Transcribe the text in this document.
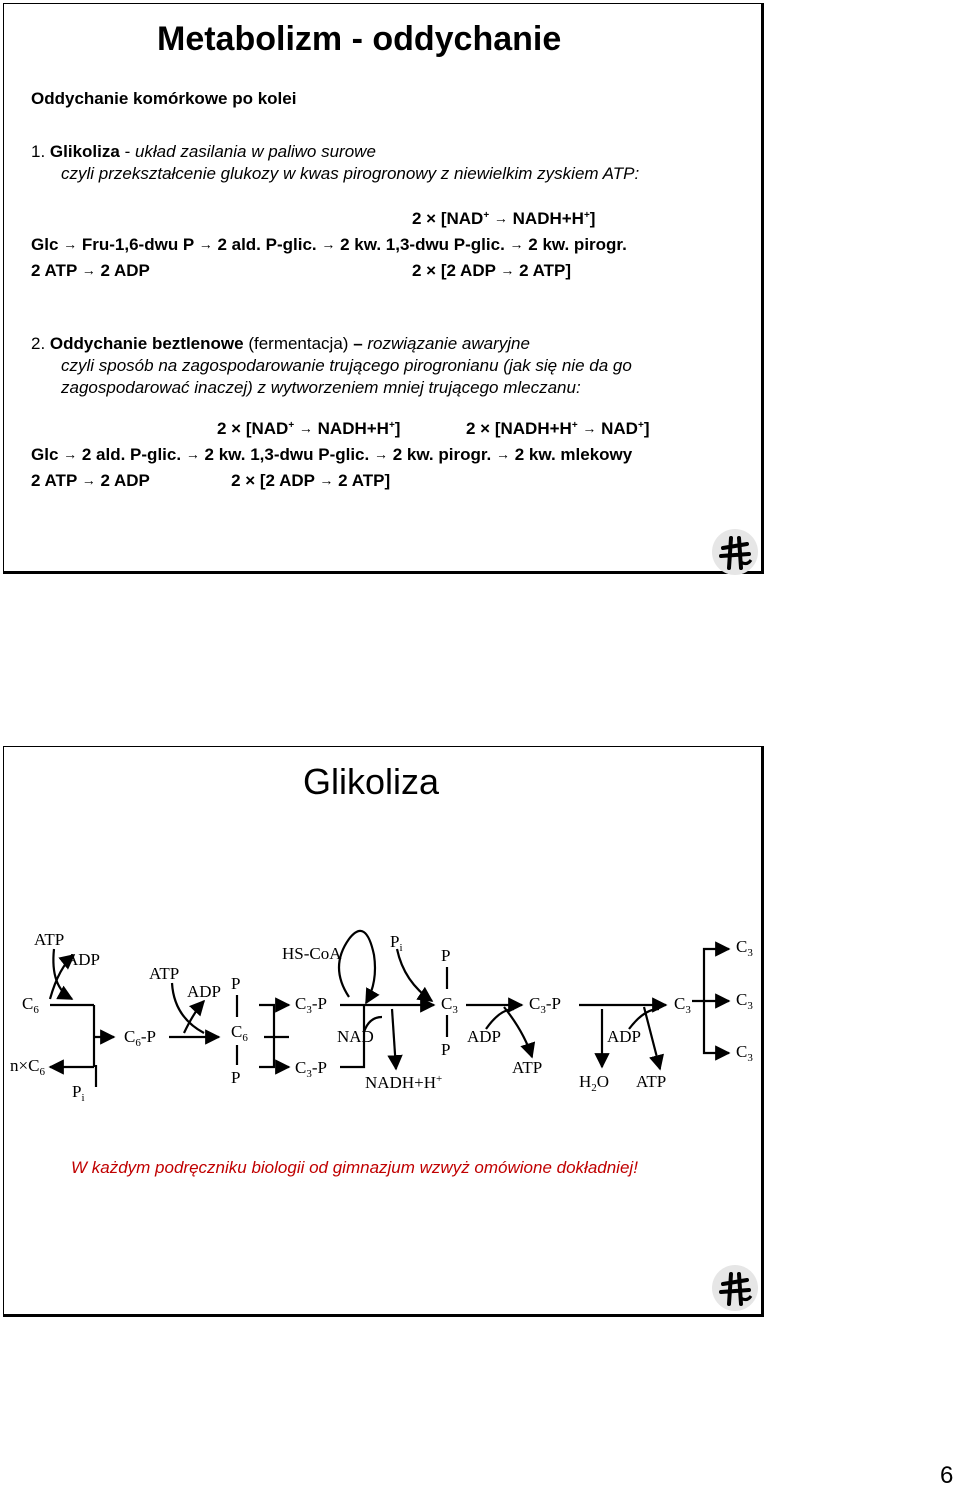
Metabolizm - oddychanie
Oddychanie komórkowe po kolei
1. Glikoliza - układ zasilania w paliwo surowe
czyli przekształcenie glukozy w kwas pirogronowy z niewielkim zyskiem ATP:
2 × [NAD+ → NADH+H+]
Glc → Fru-1,6-dwu P → 2 ald. P-glic. → 2 kw. 1,3-dwu P-glic. → 2 kw. pirogr.
2 ATP → 2 ADP	2 × [2 ADP → 2 ATP]
2. Oddychanie beztlenowe (fermentacja) – rozwiązanie awaryjne
czyli sposób na zagospodarowanie trującego pirogronianu (jak się nie da go
zagospodarować inaczej) z wytworzeniem mniej trującego mleczanu:
2 × [NAD+ → NADH+H+]	2 × [NADH+H+ → NAD+]
Glc → 2 ald. P-glic. → 2 kw. 1,3-dwu P-glic. → 2 kw. pirogr. → 2 kw. mlekowy
2 ATP → 2 ADP	2 × [2 ADP → 2 ATP]
Glikoliza
ATP
ADP
$C_6$
$n\times C_6$
$P_i$
$C_6-P$
ATP
ADP P
$C_6$
P
HS-CoA
$C_3-P$
$C_3-P$
NAD
$P_i$
NADH+H+
P
$C_3$
P
ADP
ATP
$C_3-P$
ADP
$H_2O$ ATP
$C_3$
$C_3$
$C_3$
$C_3$
W każdym podręczniku biologii od gimnazjum wzwyż omówione dokładniej!
6
